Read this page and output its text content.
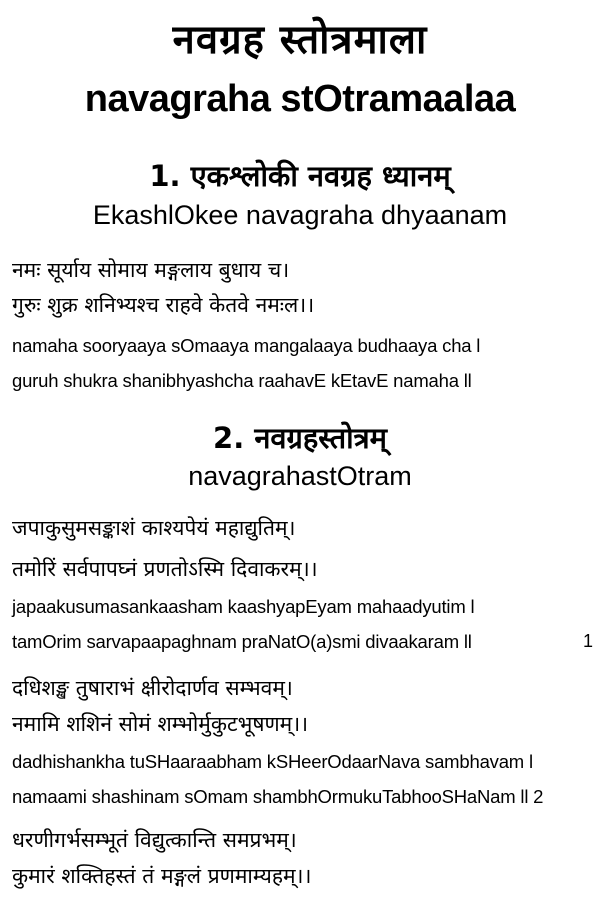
नवग्रह स्तोत्रमाला
navagraha stOtramaalaa
1. एकश्लोकी नवग्रह ध्यानम्
EkashlOkee navagraha dhyaanam
नमः सूर्याय सोमाय मङ्गलाय बुधाय च।
गुरुः शुक्र शनिभ्यश्च राहवे केतवे नमःल।।
namaha sooryaaya sOmaaya mangalaaya budhaaya cha l
guruh shukra shanibhyashcha raahavE kEtavE namaha ll
2. नवग्रहस्तोत्रम्
navagrahastOtram
जपाकुसुमसङ्काशं काश्यपेयं महाद्युतिम्।
तमोरिं सर्वपापघ्नं प्रणतोऽस्मि दिवाकरम्।।
japaakusumasankaasham kaashyapEyam mahaadyutim l
tamOrim sarvapaapaghnam praNatO(a)smi divaakaram ll	1
दधिशङ्ख तुषाराभं क्षीरोदार्णव सम्भवम्।
नमामि शशिनं सोमं शम्भोर्मुकुटभूषणम्।।
dadhishankha tuSHaaraabham kSHeerOdaarNava sambhavam l
namaami shashinam sOmam shambhOrmukuTabhooSHaNam ll 2
धरणीगर्भसम्भूतं विद्युत्कान्ति समप्रभम्।
कुमारं शक्तिहस्तं तं मङ्गलं प्रणमाम्यहम्।।
